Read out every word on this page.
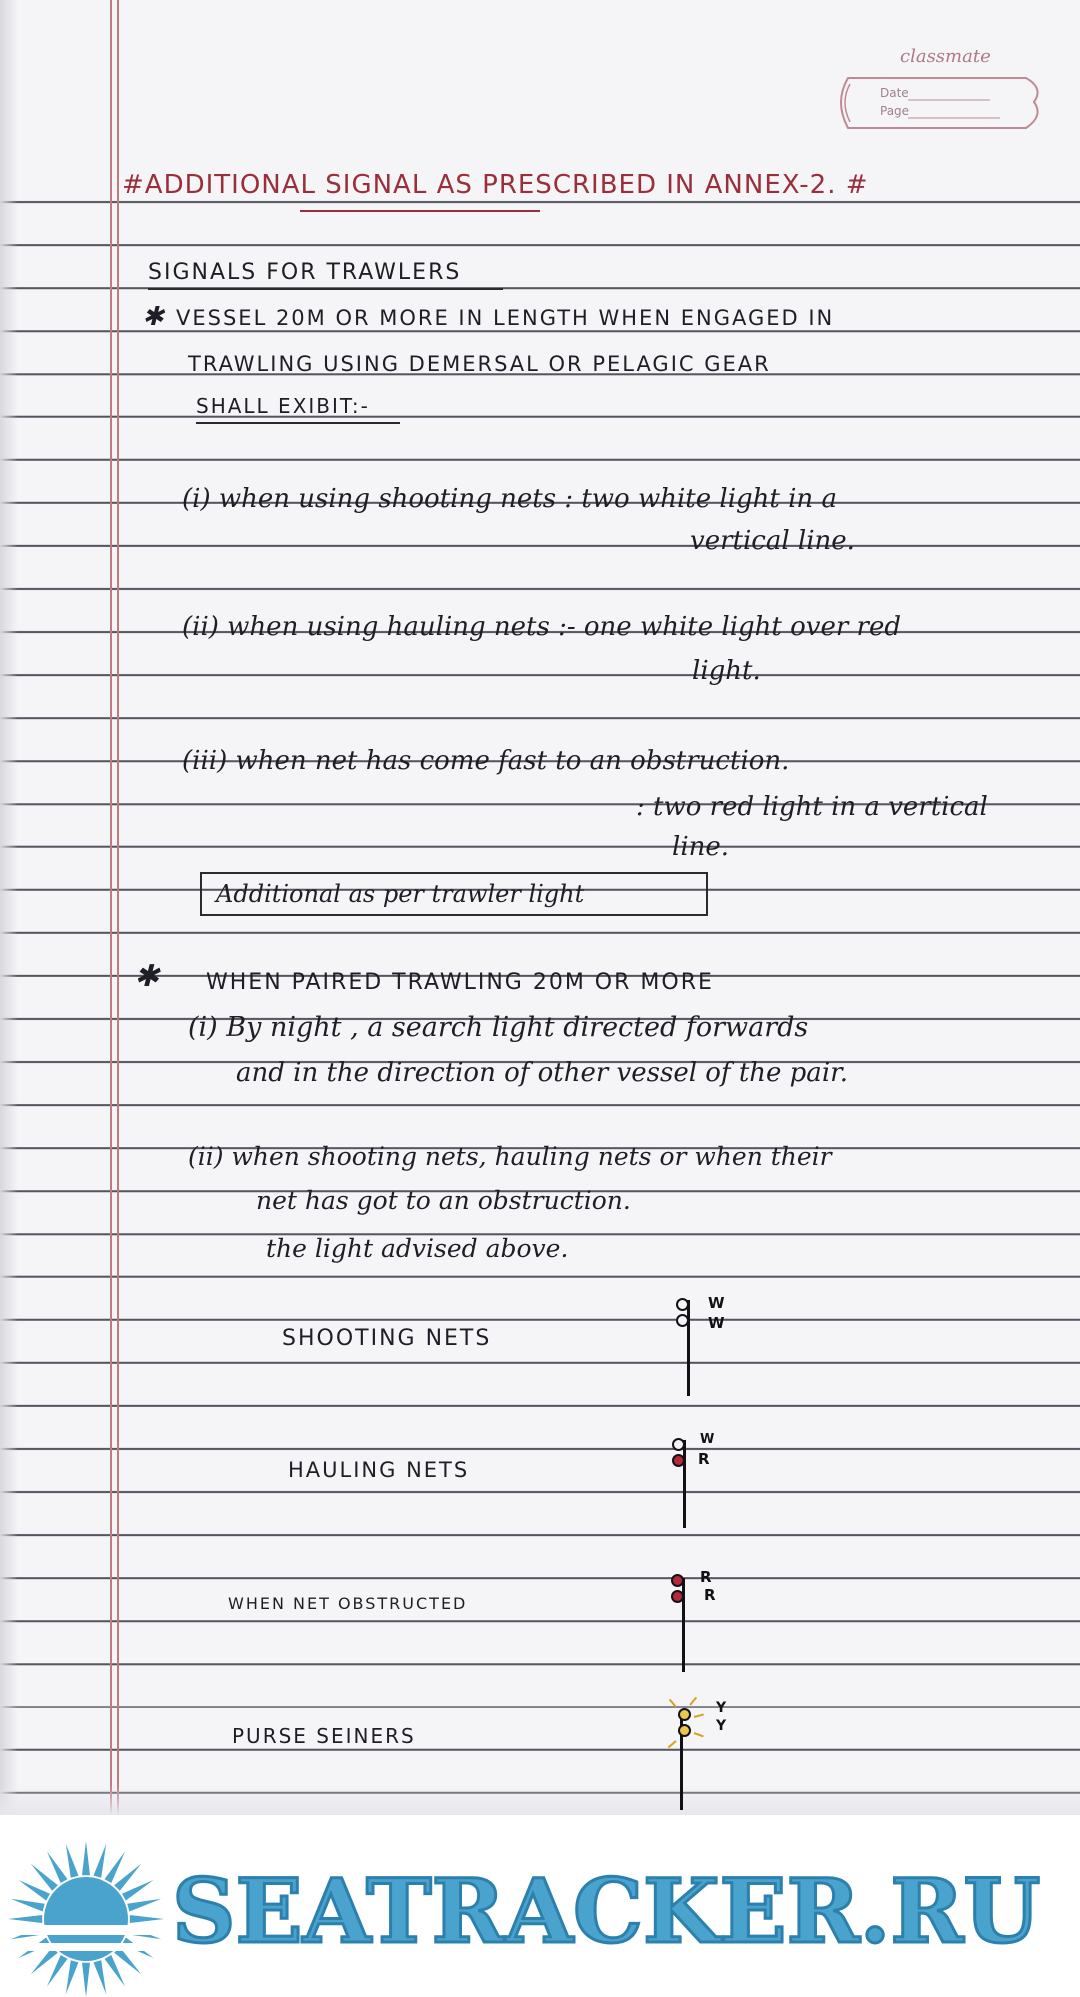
classmate
Date
Page
#ADDITIONAL SIGNAL AS PRESCRIBED IN ANNEX-2. #
SIGNALS FOR TRAWLERS
✱ VESSEL 20M OR MORE IN LENGTH WHEN ENGAGED IN
TRAWLING USING DEMERSAL OR PELAGIC GEAR
SHALL EXIBIT:-
(i) when using shooting nets : two white light in a
vertical line.
(ii) when using hauling nets :- one white light over red
light.
(iii) when net has come fast to an obstruction.
: two red light in a vertical
line.
Additional as per trawler light
✱ WHEN PAIRED TRAWLING 20M OR MORE
(i) By night , a search light directed forwards
and in the direction of other vessel of the pair.
(ii) when shooting nets, hauling nets or when their
net has got to an obstruction.
the light advised above.
SHOOTING NETS
W
W
HAULING NETS
W
R
WHEN NET OBSTRUCTED
R
R
PURSE SEINERS
Y
Y
SEATRACKER.RU
